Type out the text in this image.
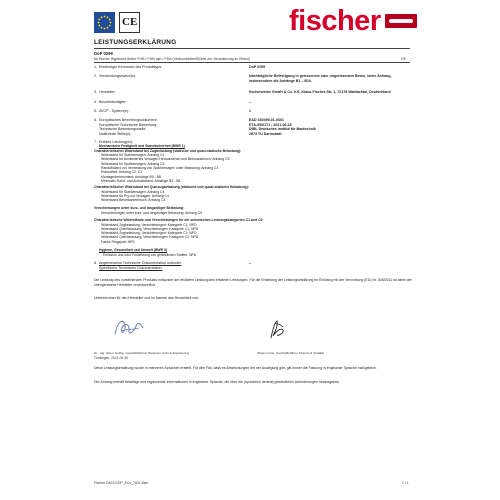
CE	fischer
LEISTUNGSERKLÄRUNG
DoP 0299
für fischer Highbond Anker FHB / FHB dyn / FDA (Verbunddübel/Dübel zur Verankerung im Beton)	DE
1. Eindeutiger Kenncode des Produkttyps:	DoP 0299
2. Verwendungszweck(e):	Nachträgliche Befestigung in gerissenem oder ungerissenem Beton, siehe Anhang,
insbesondere die Anhänge B1 – B10.
3. Hersteller:	fischerwerke GmbH & Co. KG, Klaus-Fischer-Str. 1, 72178 Waldachtal, Deutschland
4. Bevollmächtigter:	--
5. AVCP - System(e):	1
6. Europäisches Bewertungsdokument:	EAD 330499-01-0601
Europäische Technische Bewertung:	ETA-05/0171 ; 2021-06-23
Technische Bewertungsstelle:	DIBt- Deutsches Institut für Bautechnik
Notifizierte Stelle(n):	2873 TU Darmstadt
7. Erklärte Leistung(en):
Mechanische Festigkeit und Standsicherheit (BWR 1)
Charakteristischer Widerstand bei Zugbelastung (statische und quasi-statische Belastung):
Widerstand für Stahlversagen: Anhang C1
Widerstand für kombiniertes Versagen Herausziehen und Betonausbruch: Anhang C3
Widerstand für Spaltversagen: Anhang C3
Randabstand zur Vermeidung von Spaltversagen unter Belastung: Anhang C3
Robustheit: Anhang C2, C3
Montagedrehmoment: Anhänge B5 - B8
Minimaler Rand- und Achsabstand: Anhänge B3 - B8
Charakteristischer Widerstand bei Querzugbelastung (statische und quasi-statische Belastung):
Widerstand für Stahlversagen: Anhang C4
Widerstand für Pry-out Versagen: Anhang C4
Widerstand Betonkantenbruch: Anhang C4
Verschiebungen unter kurz- und langzeitiger Belastung:
Verschiebungen unter kurz- und langzeitiger Belastung: Anhang C5
Charakteristische Widerstände und Verschiebungen für die seismischen Leistungskategorien C1 und C2:
Widerstand Zugbelastung, Verschiebungen: Kategorie C1, NPD
Widerstand Querbelastung, Verschiebungen: Kategorie C1, NPD
Widerstand Zugbelastung, Verschiebungen: Kategorie C2: NPD
Widerstand Querbelastung, Verschiebungen: Kategorie C2: NPD
Faktor Ringspalt: NPD
Hygiene, Gesundheit und Umwelt (BWR 3)
Emission und oder Freisetzung von gefährlichen Stoffen: NPD
8. Angemessene Technische Dokumentation und/oder	--
Spezifische Technische Dokumentation:
Die Leistung des vorstehenden Produkts entspricht der erklärten Leistung/den erklärten Leistungen. Für die Erstellung der Leistungserklärung im Einklang mit der Verordnung (EU) Nr. 305/2011 ist allein der obengenannte Hersteller verantwortlich.
Unterzeichnet für den Hersteller und im Namen des Herstellers von:
Dr. -Ing. Oliver Geibig, Geschäftsführer Business Units & Engineering
Tumlingen, 2021-06-30
Jürgen Grün, Geschäftsführer Chemie & Qualität
Diese Leistungserklärung wurde in mehreren Sprachen erstellt. Für den Fall, dass es Abweichungen bei der Auslegung gibt, gilt immer die Fassung in englischer Sprache maßgeblich.
Der Anhang enthält freiwillige und ergänzende Informationen in englischer Sprache, die über die (sprachlich neutral) gesetzlichen Anforderungen hinausgehen.
Fischer DATA DOP_ECs_7401.xlsm	1 / 1
